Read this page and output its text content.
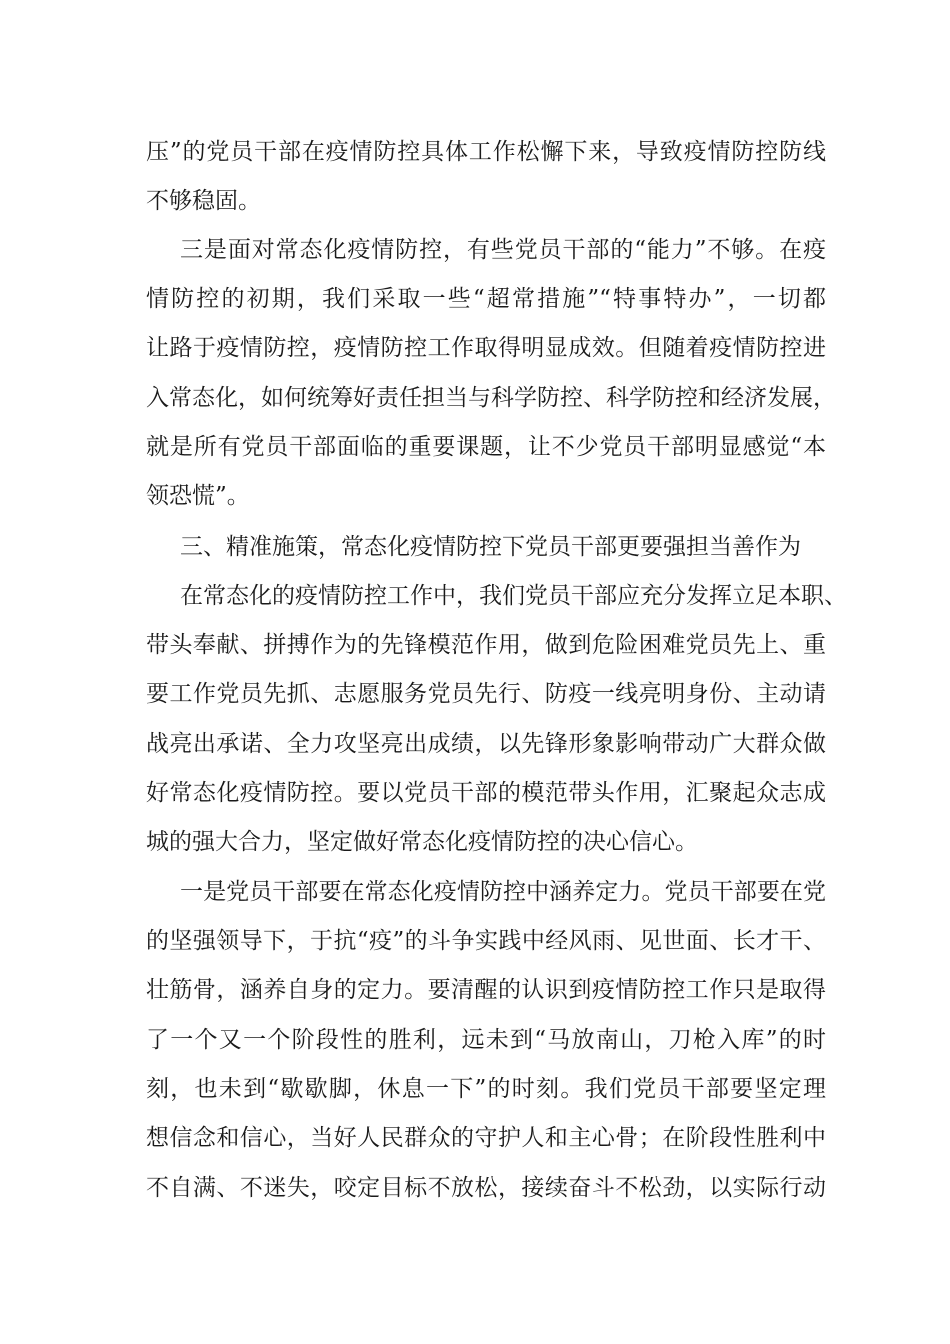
压”的党员干部在疫情防控具体工作松懈下来，导致疫情防控防线
不够稳固。
三是面对常态化疫情防控，有些党员干部的“能力”不够。在疫
情防控的初期，我们采取一些“超常措施”“特事特办”，一切都
让路于疫情防控，疫情防控工作取得明显成效。但随着疫情防控进
入常态化，如何统筹好责任担当与科学防控、科学防控和经济发展，
就是所有党员干部面临的重要课题，让不少党员干部明显感觉“本
领恐慌”。
三、精准施策，常态化疫情防控下党员干部更要强担当善作为
在常态化的疫情防控工作中，我们党员干部应充分发挥立足本职、
带头奉献、拼搏作为的先锋模范作用，做到危险困难党员先上、重
要工作党员先抓、志愿服务党员先行、防疫一线亮明身份、主动请
战亮出承诺、全力攻坚亮出成绩，以先锋形象影响带动广大群众做
好常态化疫情防控。要以党员干部的模范带头作用，汇聚起众志成
城的强大合力，坚定做好常态化疫情防控的决心信心。
一是党员干部要在常态化疫情防控中涵养定力。党员干部要在党
的坚强领导下，于抗“疫”的斗争实践中经风雨、见世面、长才干、
壮筋骨，涵养自身的定力。要清醒的认识到疫情防控工作只是取得
了一个又一个阶段性的胜利，远未到“马放南山，刀枪入库”的时
刻，也未到“歇歇脚，休息一下”的时刻。我们党员干部要坚定理
想信念和信心，当好人民群众的守护人和主心骨；在阶段性胜利中
不自满、不迷失，咬定目标不放松，接续奋斗不松劲，以实际行动
